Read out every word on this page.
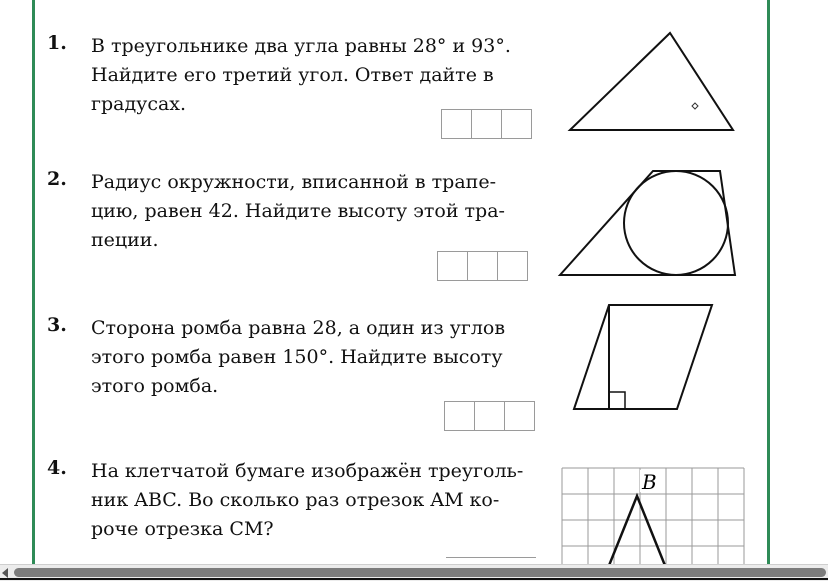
1. В треугольнике два угла равны 28° и 93°.
Найдите его третий угол. Ответ дайте в
градусах.
2. Радиус окружности, вписанной в трапе-
цию, равен 42. Найдите высоту этой тра-
пеции.
3. Сторона ромба равна 28, а один из углов
этого ромба равен 150°. Найдите высоту
этого ромба.
4. На клетчатой бумаге изображён треуголь-
ник ABC. Во сколько раз отрезок AM ко-
роче отрезка CM?
B
